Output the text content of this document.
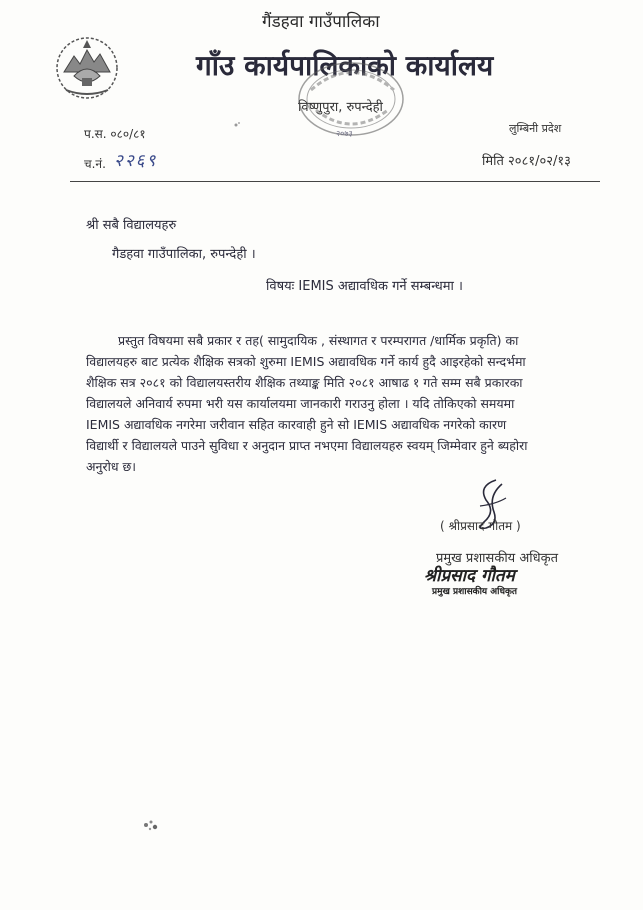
गैंडहवा गाउँपालिका
गाँउ कार्यपालिकाको कार्यालय
विष्णुपुरा, रुपन्देही
२०७३	लुम्बिनी प्रदेश
प.स. ०८०/८१
च.नं. २२६९	मिति २०८१/०२/१३
श्री सबै विद्यालयहरु
गैडहवा गाउँपालिका, रुपन्देही ।
विषयः IEMIS अद्यावधिक गर्ने सम्बन्धमा ।
प्रस्तुत विषयमा सबै प्रकार र तह( सामुदायिक , संस्थागत र परम्परागत /धार्मिक प्रकृति) का
विद्यालयहरु बाट प्रत्येक शैक्षिक सत्रको शुरुमा IEMIS अद्यावधिक गर्ने कार्य हुदै आइरहेको सन्दर्भमा
शैक्षिक सत्र २०८१ को विद्यालयस्तरीय शैक्षिक तथ्याङ्क मिति २०८१ आषाढ १ गते सम्म सबै प्रकारका
विद्यालयले अनिवार्य रुपमा भरी यस कार्यालयमा जानकारी गराउनु होला । यदि तोकिएको समयमा
IEMIS अद्यावधिक नगरेमा जरीवान सहित कारवाही हुने सो IEMIS अद्यावधिक नगरेको कारण
विद्यार्थी र विद्यालयले पाउने सुविधा र अनुदान प्राप्त नभएमा विद्यालयहरु स्वयम् जिम्मेवार हुने ब्यहोरा
अनुरोध छ।
( श्रीप्रसाद गौतम )
प्रमुख प्रशासकीय अधिकृत
श्रीप्रसाद गौतम
प्रमुख प्रशासकीय अधिकृत
